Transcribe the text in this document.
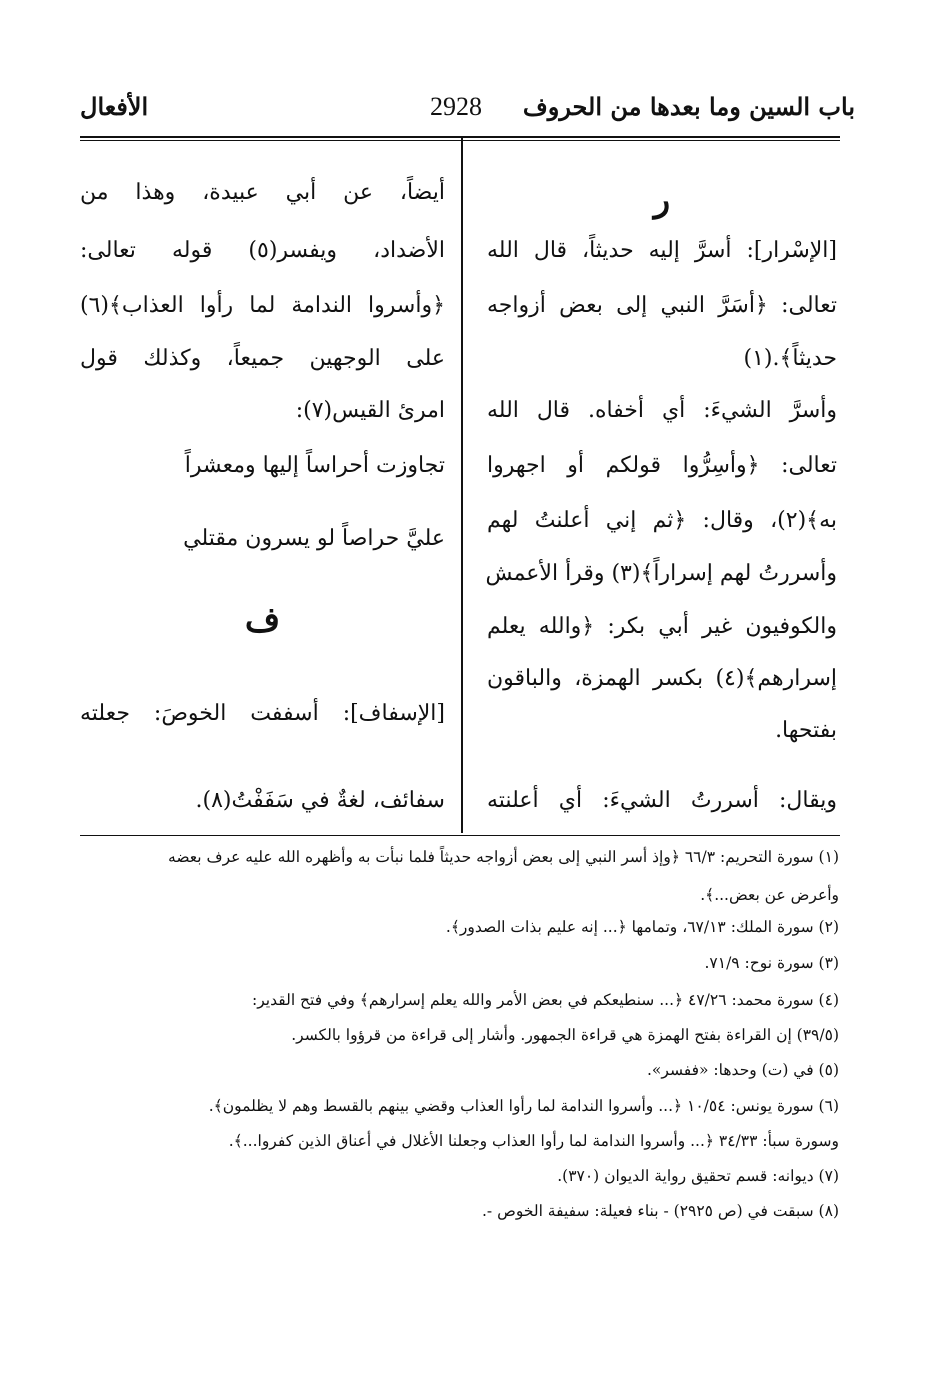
باب السين وما بعدها من الحروف
2928
الأفعال
ر
[الإسْرار]: أسرَّ إليه حديثاً، قال الله
تعالى: ﴿أسَرَّ النبي إلى بعض أزواجه
حديثاً﴾.(١)
وأسرَّ الشيءَ: أي أخفاه. قال الله
تعالى: ﴿وأسِرُّوا قولكم أو اجهروا
به﴾(٢)، وقال: ﴿ثم إني أعلنتُ لهم
وأسررتُ لهم إسراراً﴾(٣) وقرأ الأعمش
والكوفيون غير أبي بكر: ﴿والله يعلم
إسرارهم﴾(٤) بكسر الهمزة، والباقون
بفتحها.
ويقال: أسررتُ الشيءَ: أي أعلنته
أيضاً، عن أبي عبيدة، وهذا من
الأضداد، ويفسر(٥) قوله تعالى:
﴿وأسروا الندامة لما رأوا العذاب﴾(٦)
على الوجهين جميعاً، وكذلك قول
امرئ القيس(٧):
تجاوزت أحراساً إليها ومعشراً
عليَّ حراصاً لو يسرون مقتلي
ف
[الإسفاف]: أسففت الخوصَ: جعلته
سفائف، لغةٌ في سَفَفْتُ(٨).
(١) سورة التحريم: ٦٦/٣ ﴿وإذ أسر النبي إلى بعض أزواجه حديثاً فلما نبأت به وأظهره الله عليه عرف بعضه
وأعرض عن بعض...﴾.
(٢) سورة الملك: ٦٧/١٣، وتمامها ﴿... إنه عليم بذات الصدور﴾.
(٣) سورة نوح: ٧١/٩.
(٤) سورة محمد: ٤٧/٢٦ ﴿... سنطيعكم في بعض الأمر والله يعلم إسرارهم﴾ وفي فتح القدير:
(٣٩/٥) إن القراءة بفتح الهمزة هي قراءة الجمهور. وأشار إلى قراءة من قرؤوا بالكسر.
(٥) في (ت) وحدها: «ففسر».
(٦) سورة يونس: ١٠/٥٤ ﴿... وأسروا الندامة لما رأوا العذاب وقضي بينهم بالقسط وهم لا يظلمون﴾.
وسورة سبأ: ٣٤/٣٣ ﴿... وأسروا الندامة لما رأوا العذاب وجعلنا الأغلال في أعناق الذين كفروا...﴾.
(٧) ديوانه: قسم تحقيق رواية الديوان (٣٧٠).
(٨) سبقت في (ص ٢٩٢٥) - بناء فعيلة: سفيفة الخوص -.
